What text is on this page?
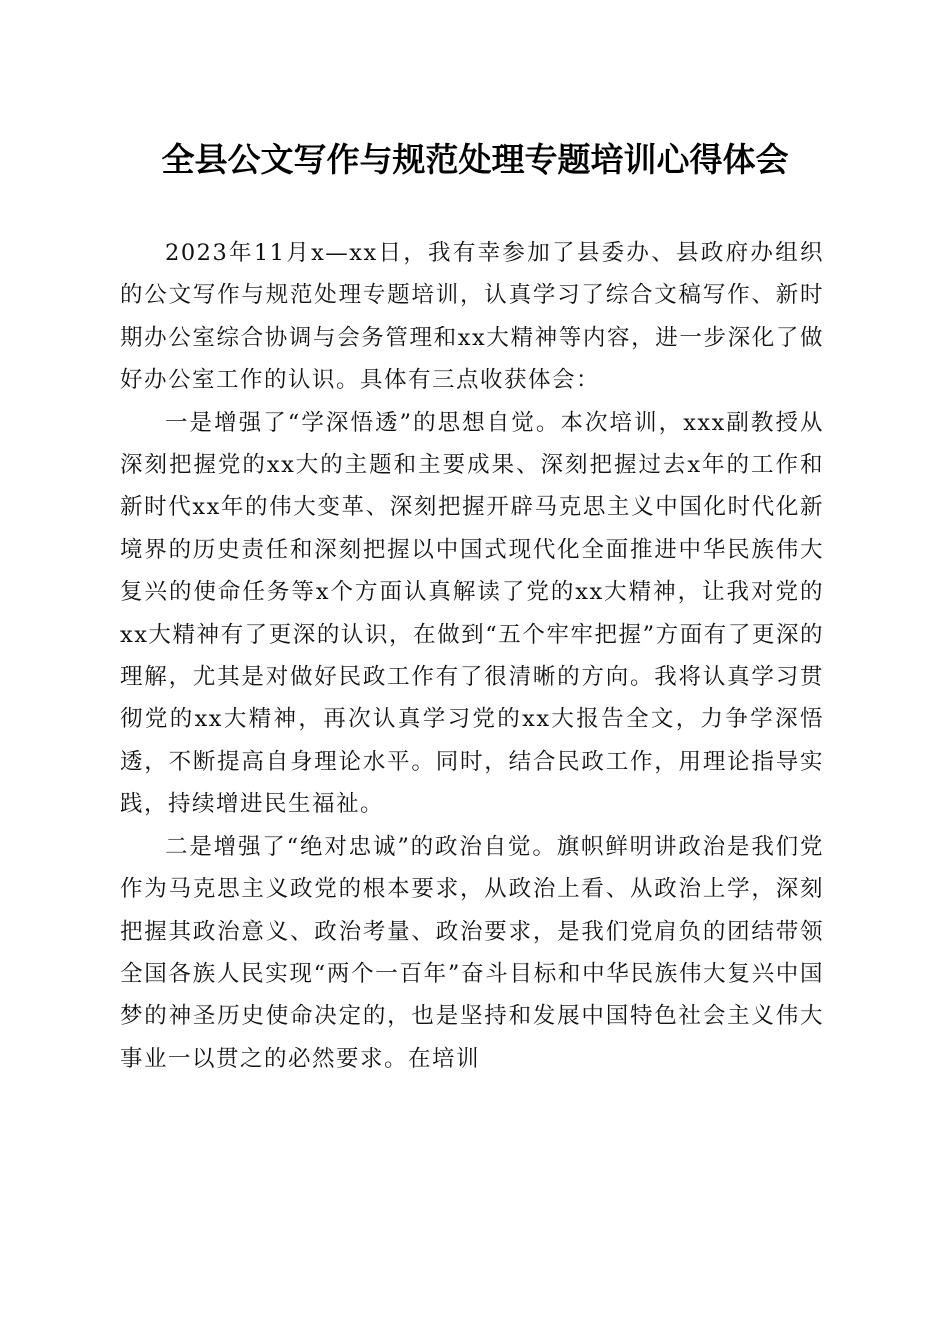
全县公文写作与规范处理专题培训心得体会

2023年11月x—xx日，我有幸参加了县委办、县政府办组织的公文写作与规范处理专题培训，认真学习了综合文稿写作、新时期办公室综合协调与会务管理和xx大精神等内容，进一步深化了做好办公室工作的认识。具体有三点收获体会：

一是增强了“学深悟透”的思想自觉。本次培训，xxx副教授从深刻把握党的xx大的主题和主要成果、深刻把握过去x年的工作和新时代xx年的伟大变革、深刻把握开辟马克思主义中国化时代化新境界的历史责任和深刻把握以中国式现代化全面推进中华民族伟大复兴的使命任务等x个方面认真解读了党的xx大精神，让我对党的xx大精神有了更深的认识，在做到“五个牢牢把握”方面有了更深的理解，尤其是对做好民政工作有了很清晰的方向。我将认真学习贯彻党的xx大精神，再次认真学习党的xx大报告全文，力争学深悟透，不断提高自身理论水平。同时，结合民政工作，用理论指导实践，持续增进民生福祉。

二是增强了“绝对忠诚”的政治自觉。旗帜鲜明讲政治是我们党作为马克思主义政党的根本要求，从政治上看、从政治上学，深刻把握其政治意义、政治考量、政治要求，是我们党肩负的团结带领全国各族人民实现“两个一百年”奋斗目标和中华民族伟大复兴中国梦的神圣历史使命决定的，也是坚持和发展中国特色社会主义伟大事业一以贯之的必然要求。在培训
